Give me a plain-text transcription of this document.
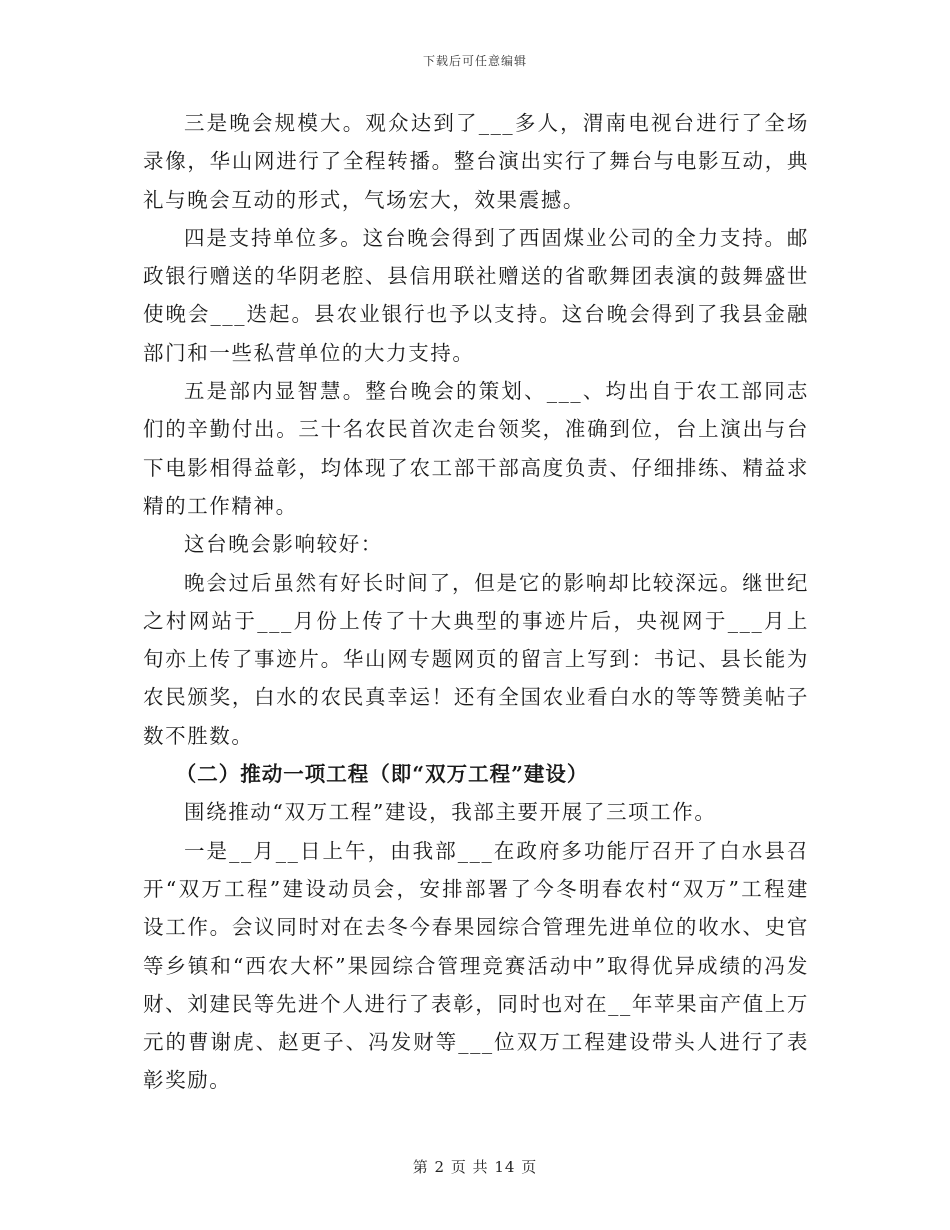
下载后可任意编辑

三是晚会规模大。观众达到了___多人，渭南电视台进行了全场录像，华山网进行了全程转播。整台演出实行了舞台与电影互动，典礼与晚会互动的形式，气场宏大，效果震撼。

四是支持单位多。这台晚会得到了西固煤业公司的全力支持。邮政银行赠送的华阴老腔、县信用联社赠送的省歌舞团表演的鼓舞盛世使晚会___迭起。县农业银行也予以支持。这台晚会得到了我县金融部门和一些私营单位的大力支持。

五是部内显智慧。整台晚会的策划、___、均出自于农工部同志们的辛勤付出。三十名农民首次走台领奖，准确到位，台上演出与台下电影相得益彰，均体现了农工部干部高度负责、仔细排练、精益求精的工作精神。

这台晚会影响较好：

晚会过后虽然有好长时间了，但是它的影响却比较深远。继世纪之村网站于___月份上传了十大典型的事迹片后，央视网于___月上旬亦上传了事迹片。华山网专题网页的留言上写到：书记、县长能为农民颁奖，白水的农民真幸运！还有全国农业看白水的等等赞美帖子数不胜数。

（二）推动一项工程（即“双万工程”建设）

围绕推动“双万工程”建设，我部主要开展了三项工作。

一是__月__日上午，由我部___在政府多功能厅召开了白水县召开“双万工程”建设动员会，安排部署了今冬明春农村“双万”工程建设工作。会议同时对在去冬今春果园综合管理先进单位的收水、史官等乡镇和“西农大杯”果园综合管理竞赛活动中”取得优异成绩的冯发财、刘建民等先进个人进行了表彰，同时也对在__年苹果亩产值上万元的曹谢虎、赵更子、冯发财等___位双万工程建设带头人进行了表彰奖励。

第 2 页 共 14 页
